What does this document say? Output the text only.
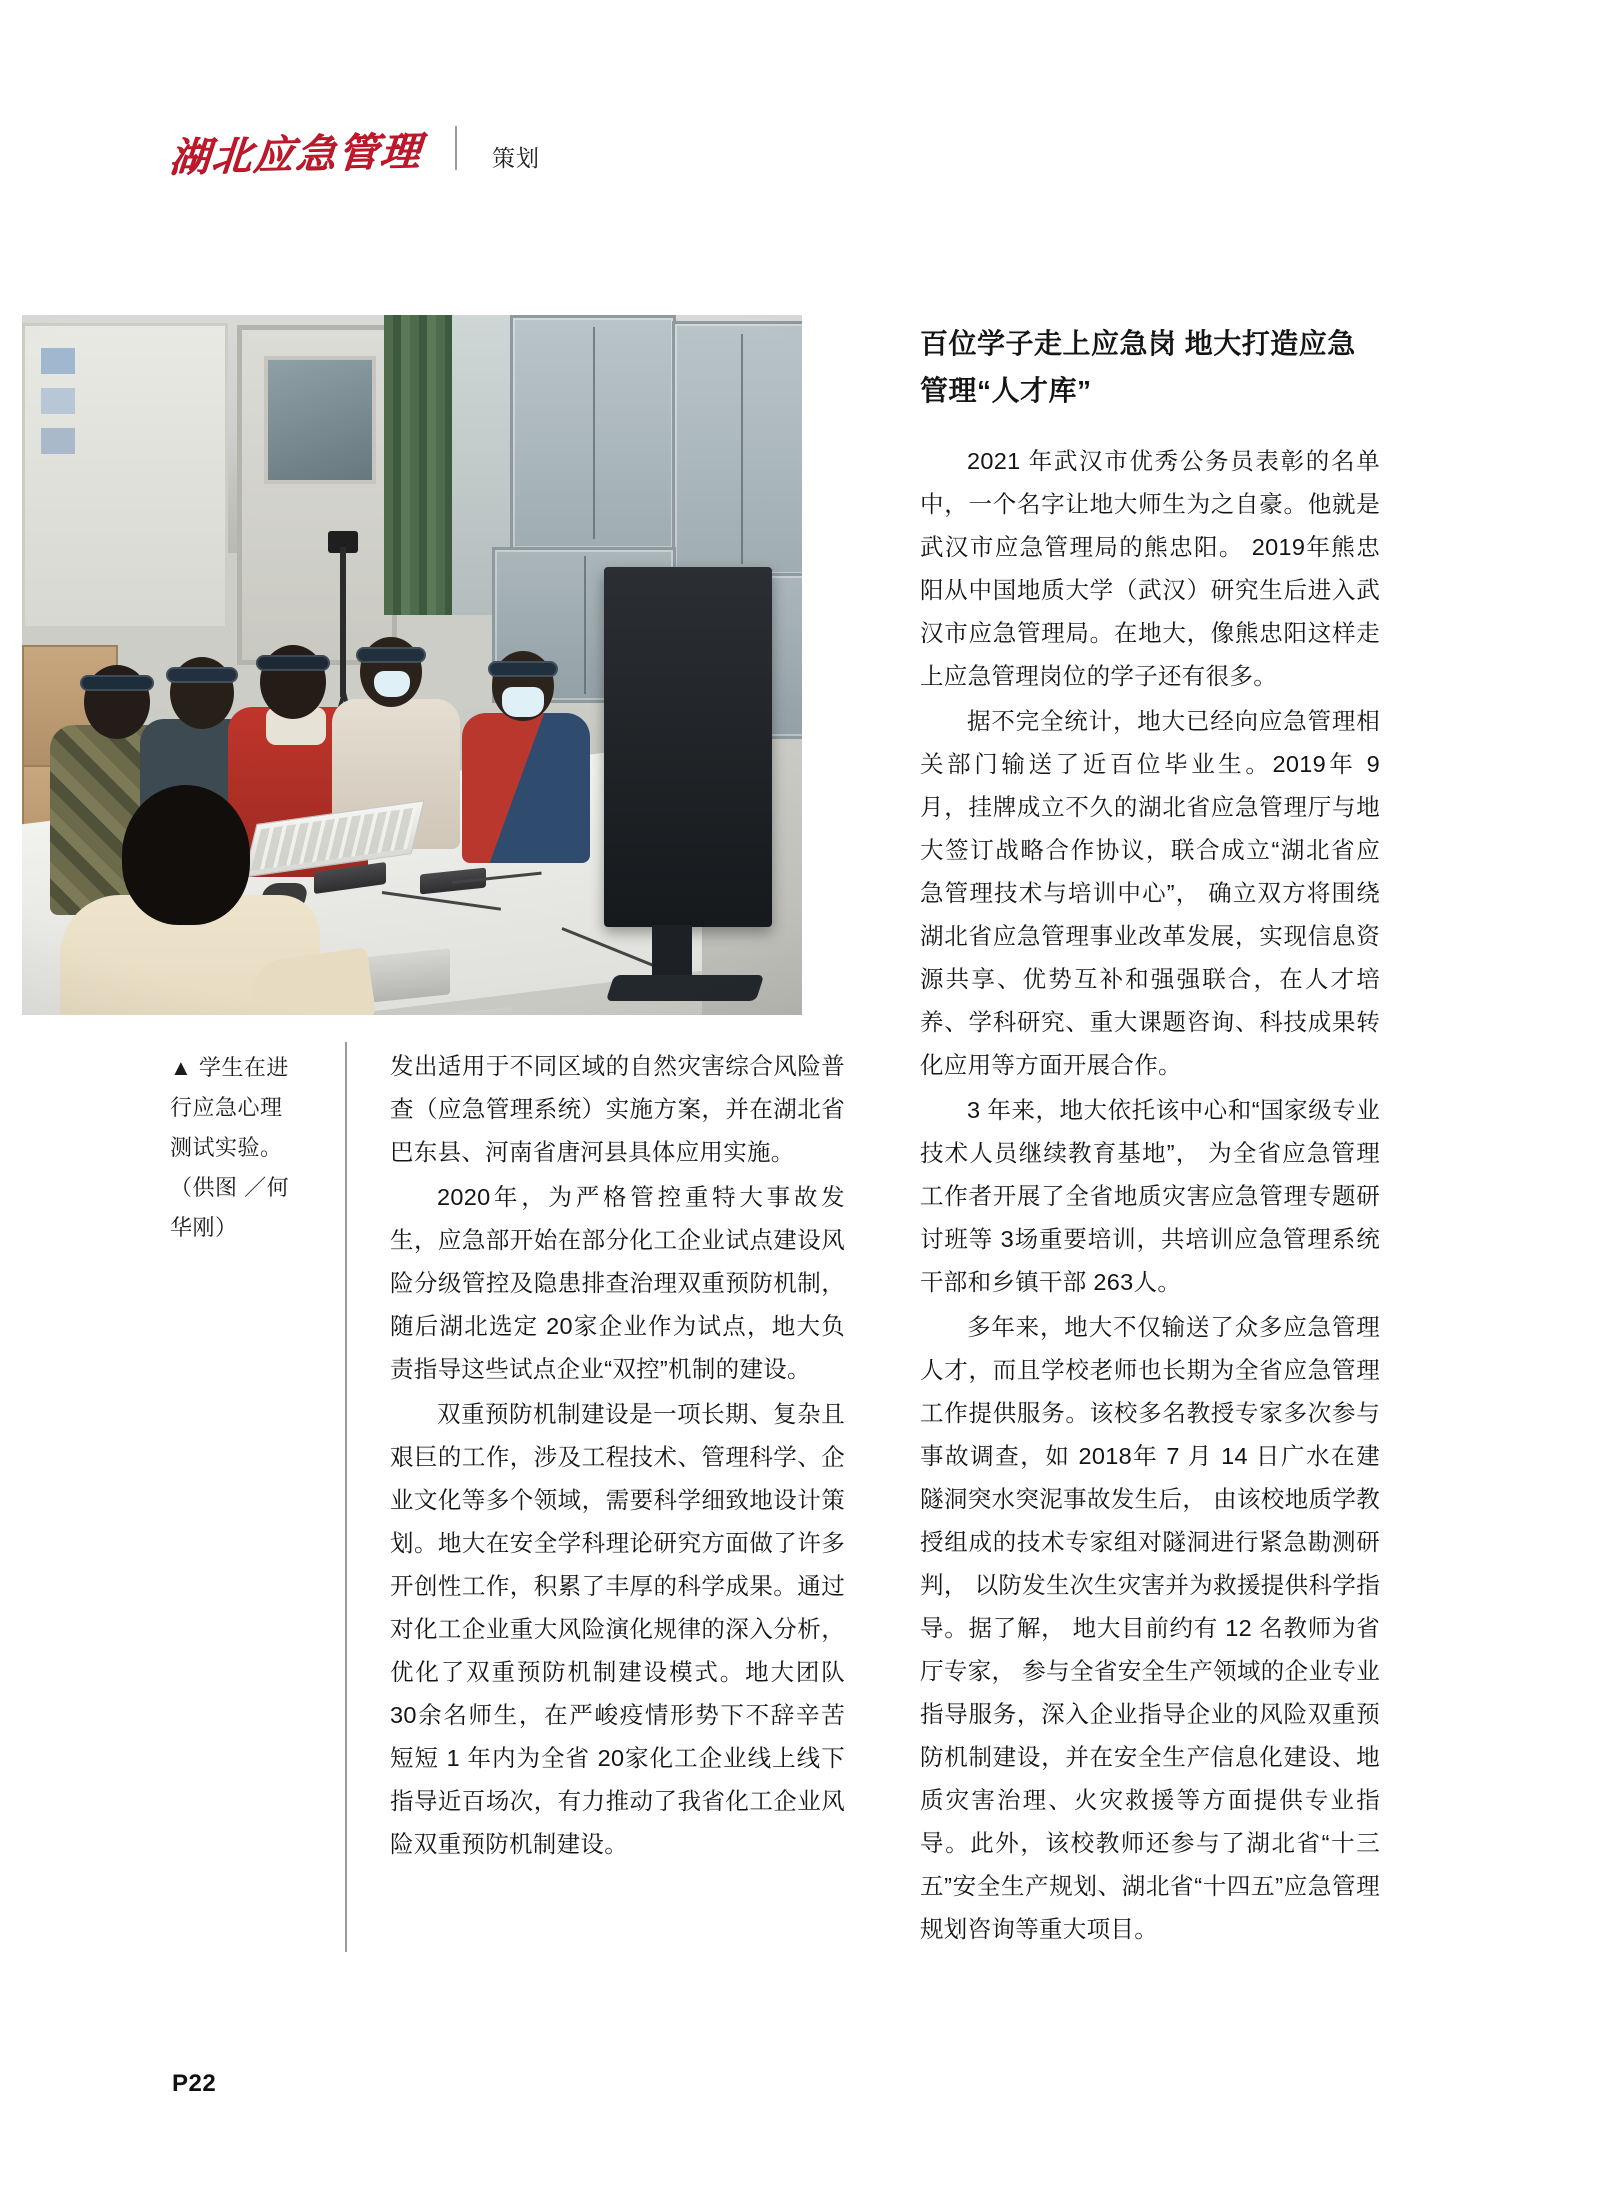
湖北应急管理	策划
▲ 学生在进行应急心理测试实验。（供图 ／何华刚）

发出适用于不同区域的自然灾害综合风险普查（应急管理系统）实施方案，并在湖北省巴东县、河南省唐河县具体应用实施。

2020年，为严格管控重特大事故发生，应急部开始在部分化工企业试点建设风险分级管控及隐患排查治理双重预防机制，随后湖北选定 20家企业作为试点，地大负责指导这些试点企业“双控”机制的建设。

双重预防机制建设是一项长期、复杂且艰巨的工作，涉及工程技术、管理科学、企业文化等多个领域，需要科学细致地设计策划。地大在安全学科理论研究方面做了许多开创性工作，积累了丰厚的科学成果。通过对化工企业重大风险演化规律的深入分析，优化了双重预防机制建设模式。地大团队 30余名师生，在严峻疫情形势下不辞辛苦短短 1 年内为全省 20家化工企业线上线下指导近百场次，有力推动了我省化工企业风险双重预防机制建设。

百位学子走上应急岗 地大打造应急管理“人才库”

2021 年武汉市优秀公务员表彰的名单中，一个名字让地大师生为之自豪。他就是武汉市应急管理局的熊忠阳。 2019年熊忠阳从中国地质大学（武汉）研究生后进入武汉市应急管理局。在地大，像熊忠阳这样走上应急管理岗位的学子还有很多。

据不完全统计，地大已经向应急管理相关部门输送了近百位毕业生。2019年 9 月，挂牌成立不久的湖北省应急管理厅与地大签订战略合作协议，联合成立“湖北省应急管理技术与培训中心”， 确立双方将围绕湖北省应急管理事业改革发展，实现信息资源共享、优势互补和强强联合，在人才培养、学科研究、重大课题咨询、科技成果转化应用等方面开展合作。

3 年来，地大依托该中心和“国家级专业技术人员继续教育基地”， 为全省应急管理工作者开展了全省地质灾害应急管理专题研讨班等 3场重要培训，共培训应急管理系统干部和乡镇干部 263人。

多年来，地大不仅输送了众多应急管理人才，而且学校老师也长期为全省应急管理工作提供服务。该校多名教授专家多次参与事故调查，如 2018年 7 月 14 日广水在建隧洞突水突泥事故发生后， 由该校地质学教授组成的技术专家组对隧洞进行紧急勘测研判， 以防发生次生灾害并为救援提供科学指导。据了解， 地大目前约有 12 名教师为省厅专家， 参与全省安全生产领域的企业专业指导服务，深入企业指导企业的风险双重预防机制建设，并在安全生产信息化建设、地质灾害治理、火灾救援等方面提供专业指导。此外，该校教师还参与了湖北省“十三五”安全生产规划、湖北省“十四五”应急管理规划咨询等重大项目。

P22
